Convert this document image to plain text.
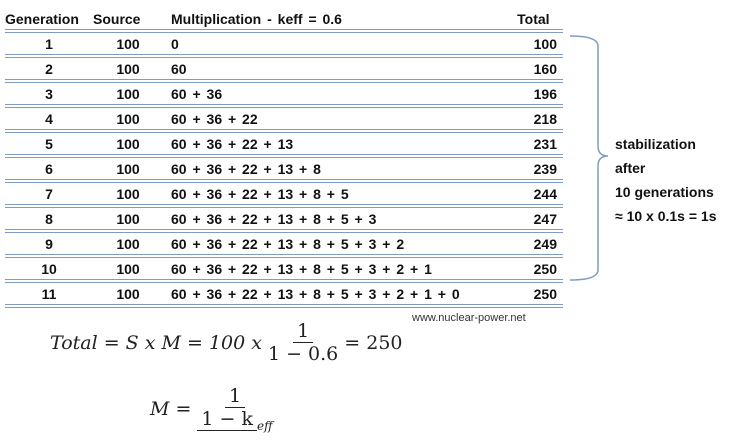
Generation	Source	Multiplication - keff = 0.6	Total
1	100	0	100
2	100	60	160
3	100	60 + 36	196
4	100	60 + 36 + 22	218
5	100	60 + 36 + 22 + 13	231
6	100	60 + 36 + 22 + 13 + 8	239
7	100	60 + 36 + 22 + 13 + 8 + 5	244
8	100	60 + 36 + 22 + 13 + 8 + 5 + 3	247
9	100	60 + 36 + 22 + 13 + 8 + 5 + 3 + 2	249
10	100	60 + 36 + 22 + 13 + 8 + 5 + 3 + 2 + 1	250
11	100	60 + 36 + 22 + 13 + 8 + 5 + 3 + 2 + 1 + 0	250
stabilization
after
10 generations
≈ 10 x 0.1s = 1s
www.nuclear-power.net
Total = S x M = 100 x $\frac{1}{1 - 0.6} = 250$
$M = \frac{1}{1 - k _{eff}}$
